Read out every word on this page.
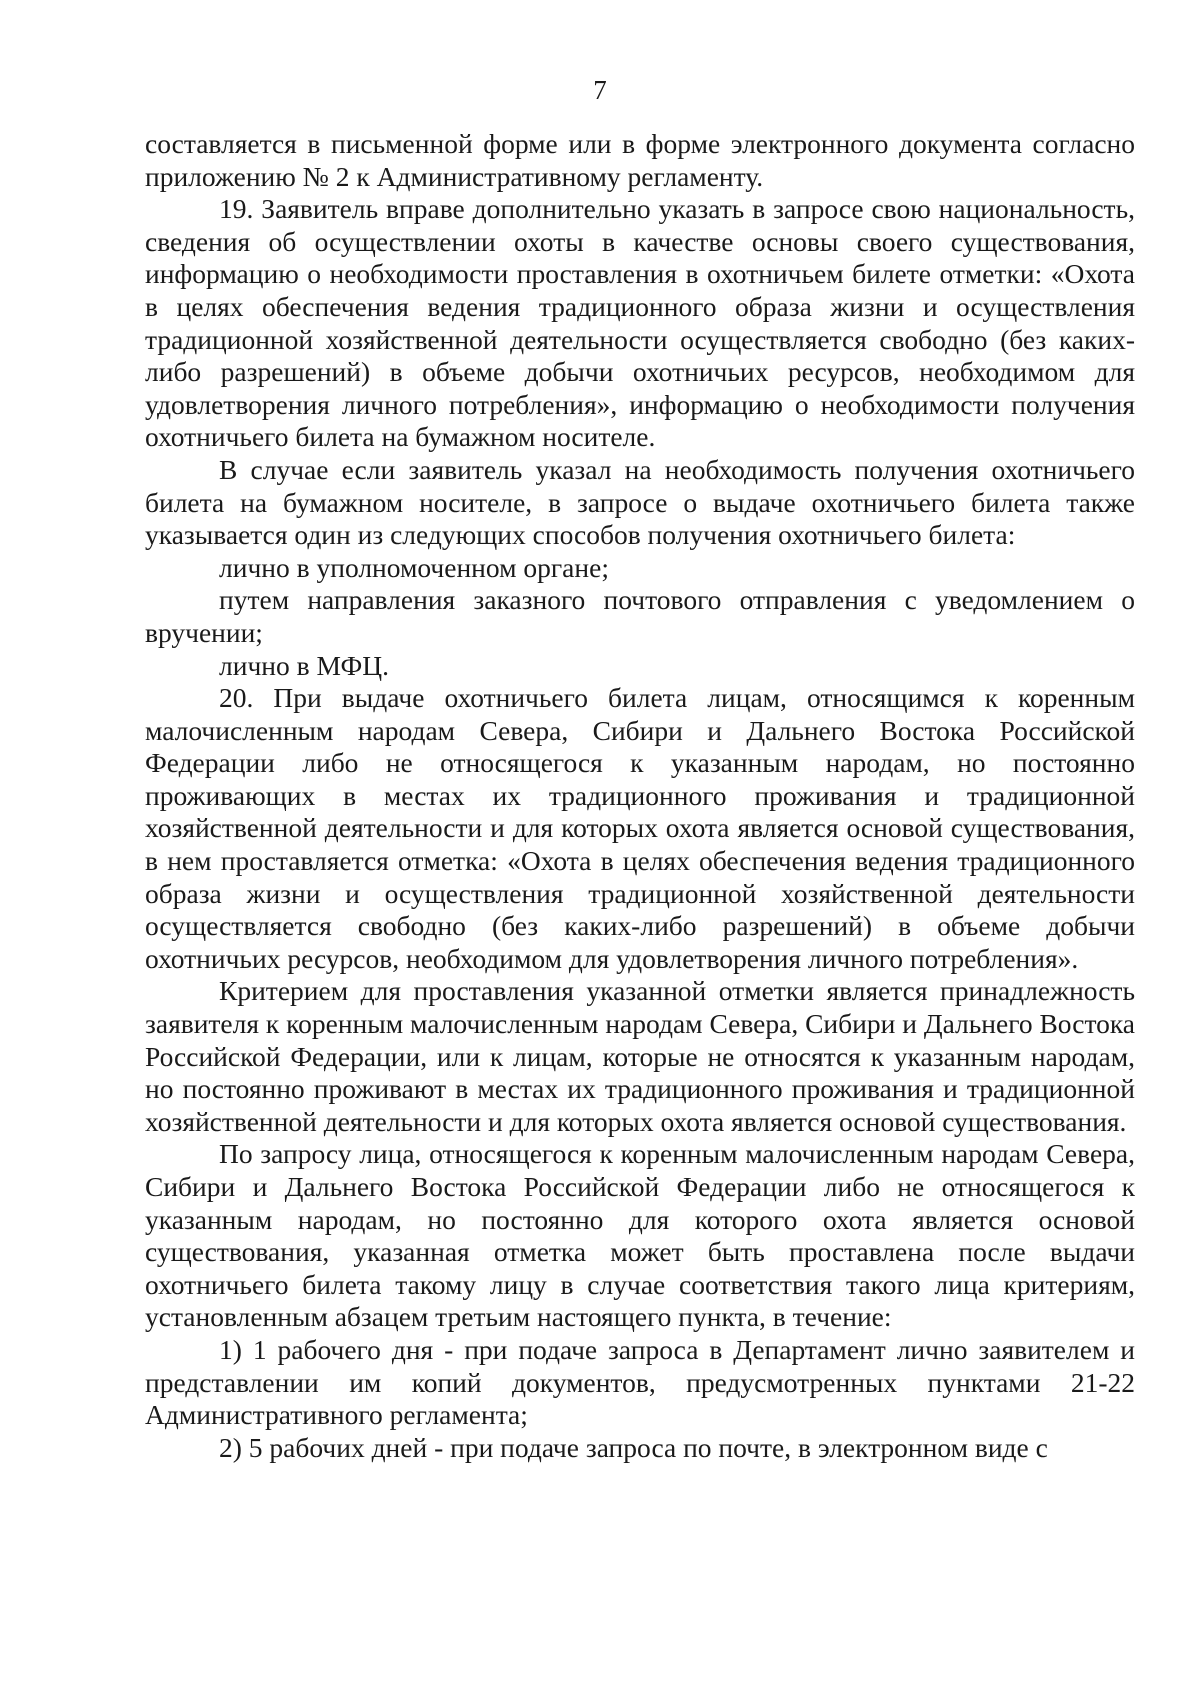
7

составляется в письменной форме или в форме электронного документа согласно приложению № 2 к Административному регламенту.

19. Заявитель вправе дополнительно указать в запросе свою национальность, сведения об осуществлении охоты в качестве основы своего существования, информацию о необходимости проставления в охотничьем билете отметки: «Охота в целях обеспечения ведения традиционного образа жизни и осуществления традиционной хозяйственной деятельности осуществляется свободно (без каких-либо разрешений) в объеме добычи охотничьих ресурсов, необходимом для удовлетворения личного потребления», информацию о необходимости получения охотничьего билета на бумажном носителе.

В случае если заявитель указал на необходимость получения охотничьего билета на бумажном носителе, в запросе о выдаче охотничьего билета также указывается один из следующих способов получения охотничьего билета:

лично в уполномоченном органе;

путем направления заказного почтового отправления с уведомлением о вручении;

лично в МФЦ.

20. При выдаче охотничьего билета лицам, относящимся к коренным малочисленным народам Севера, Сибири и Дальнего Востока Российской Федерации либо не относящегося к указанным народам, но постоянно проживающих в местах их традиционного проживания и традиционной хозяйственной деятельности и для которых охота является основой существования, в нем проставляется отметка: «Охота в целях обеспечения ведения традиционного образа жизни и осуществления традиционной хозяйственной деятельности осуществляется свободно (без каких-либо разрешений) в объеме добычи охотничьих ресурсов, необходимом для удовлетворения личного потребления».

Критерием для проставления указанной отметки является принадлежность заявителя к коренным малочисленным народам Севера, Сибири и Дальнего Востока Российской Федерации, или к лицам, которые не относятся к указанным народам, но постоянно проживают в местах их традиционного проживания и традиционной хозяйственной деятельности и для которых охота является основой существования.

По запросу лица, относящегося к коренным малочисленным народам Севера, Сибири и Дальнего Востока Российской Федерации либо не относящегося к указанным народам, но постоянно для которого охота является основой существования, указанная отметка может быть проставлена после выдачи охотничьего билета такому лицу в случае соответствия такого лица критериям, установленным абзацем третьим настоящего пункта, в течение:

1) 1 рабочего дня - при подаче запроса в Департамент лично заявителем и представлении им копий документов, предусмотренных пунктами 21-22 Административного регламента;

2) 5 рабочих дней - при подаче запроса по почте, в электронном виде с
